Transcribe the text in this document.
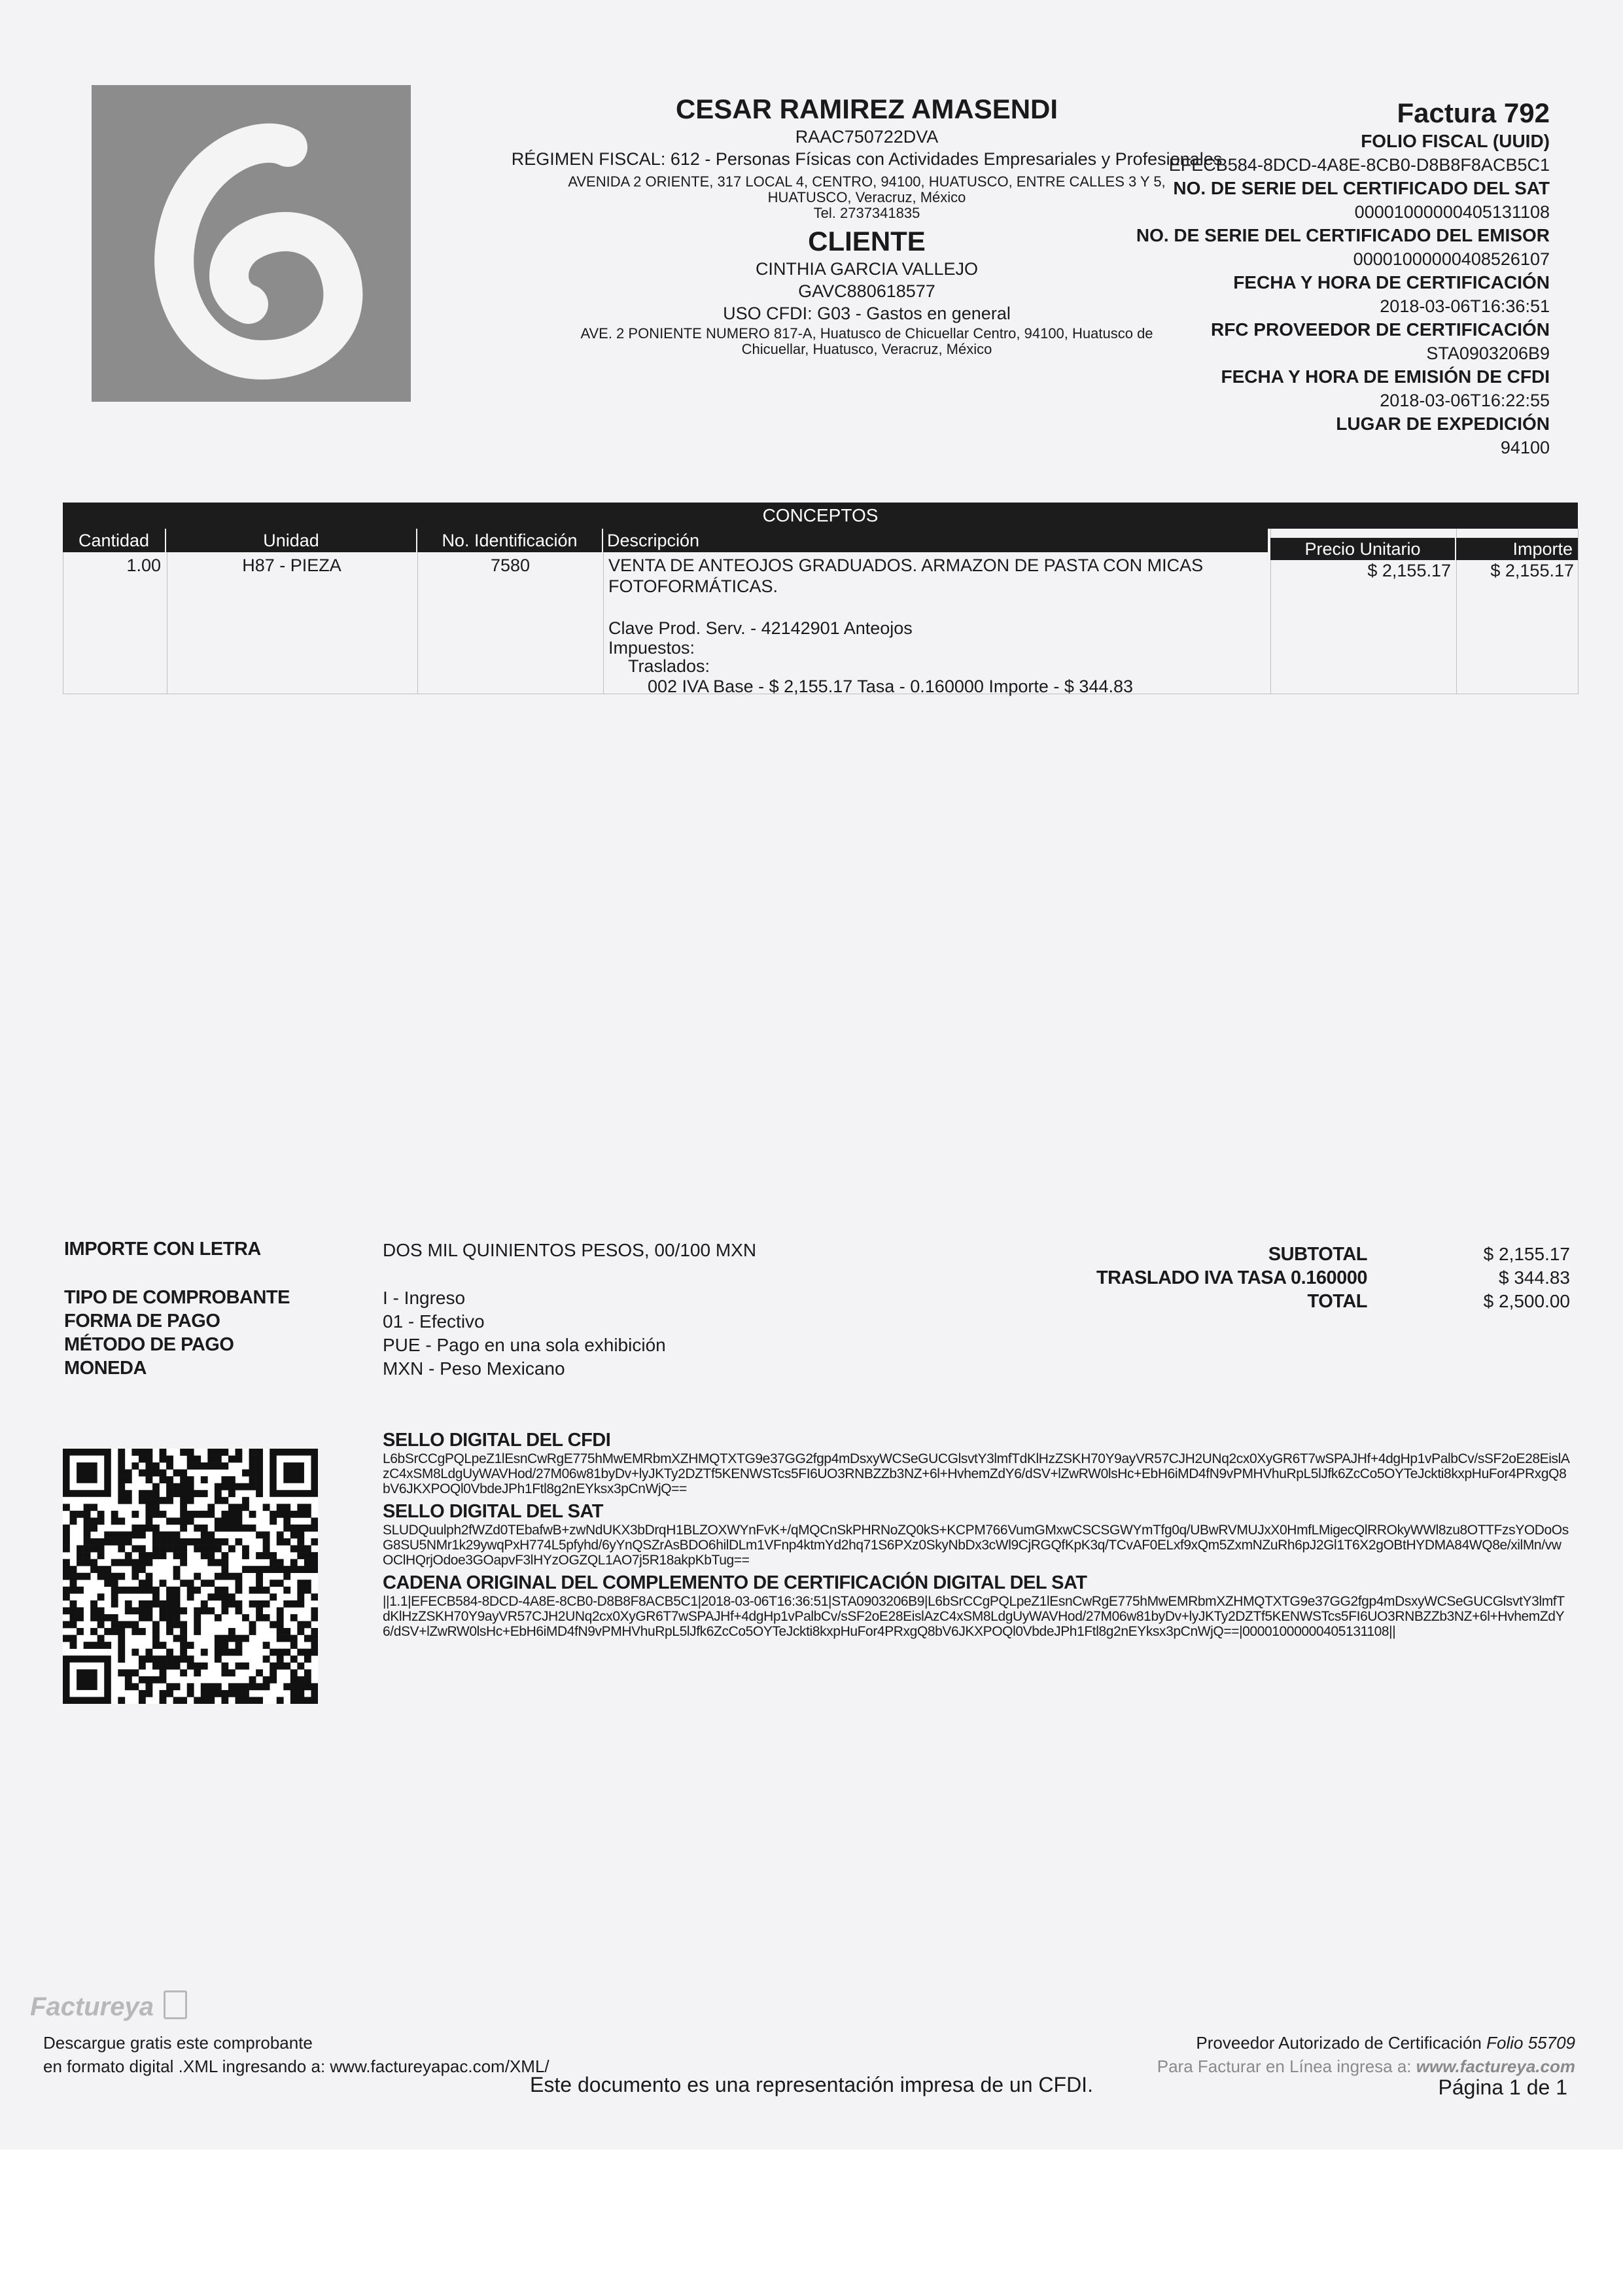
CESAR RAMIREZ AMASENDI
RAAC750722DVA
RÉGIMEN FISCAL: 612 - Personas Físicas con Actividades Empresariales y Profesionales
AVENIDA 2 ORIENTE, 317 LOCAL 4, CENTRO, 94100, HUATUSCO, ENTRE CALLES 3 Y 5, HUATUSCO, Veracruz, México
Tel. 2737341835
CLIENTE
CINTHIA GARCIA VALLEJO
GAVC880618577
USO CFDI: G03 - Gastos en general
AVE. 2 PONIENTE NUMERO 817-A, Huatusco de Chicuellar Centro, 94100, Huatusco de Chicuellar, Huatusco, Veracruz, México
Factura 792
FOLIO FISCAL (UUID)
EFECB584-8DCD-4A8E-8CB0-D8B8F8ACB5C1
NO. DE SERIE DEL CERTIFICADO DEL SAT
00001000000405131108
NO. DE SERIE DEL CERTIFICADO DEL EMISOR
00001000000408526107
FECHA Y HORA DE CERTIFICACIÓN
2018-03-06T16:36:51
RFC PROVEEDOR DE CERTIFICACIÓN
STA0903206B9
FECHA Y HORA DE EMISIÓN DE CFDI
2018-03-06T16:22:55
LUGAR DE EXPEDICIÓN
94100
CONCEPTOS
Cantidad	Unidad	No. Identificación	Descripción	Precio Unitario	Importe
1.00	H87 - PIEZA	7580	VENTA DE ANTEOJOS GRADUADOS. ARMAZON DE PASTA CON MICAS FOTOFORMÁTICAS.
Clave Prod. Serv. - 42142901 Anteojos
Impuestos:
Traslados:
002 IVA Base - $ 2,155.17 Tasa - 0.160000 Importe - $ 344.83
$ 2,155.17	$ 2,155.17
IMPORTE CON LETRA	DOS MIL QUINIENTOS PESOS, 00/100 MXN
TIPO DE COMPROBANTE	I - Ingreso
FORMA DE PAGO	01 - Efectivo
MÉTODO DE PAGO	PUE - Pago en una sola exhibición
MONEDA	MXN - Peso Mexicano
SUBTOTAL	$ 2,155.17
TRASLADO IVA TASA 0.160000	$ 344.83
TOTAL	$ 2,500.00
SELLO DIGITAL DEL CFDI
L6bSrCCgPQLpeZ1lEsnCwRgE775hMwEMRbmXZHMQTXTG9e37GG2fgp4mDsxyWCSeGUCGlsvtY3lmfTdKlHzZSKH70Y9ayVR57CJH2UNq2cx0XyGR6T7wSPAJHf+4dgHp1vPalbCv/sSF2oE28EislAzC4xSM8LdgUyWAVHod/27M06w81byDv+lyJKTy2DZTf5KENWSTcs5FI6UO3RNBZZb3NZ+6l+HvhemZdY6/dSV+lZwRW0lsHc+EbH6iMD4fN9vPMHVhuRpL5lJfk6ZcCo5OYTeJckti8kxpHuFor4PRxgQ8bV6JKXPOQl0VbdeJPh1Ftl8g2nEYksx3pCnWjQ==
SELLO DIGITAL DEL SAT
SLUDQuulph2fWZd0TEbafwB+zwNdUKX3bDrqH1BLZOXWYnFvK+/qMQCnSkPHRNoZQ0kS+KCPM766VumGMxwCSCSGWYmTfg0q/UBwRVMUJxX0HmfLMigecQlRROkyWWl8zu8OTTFzsYODoOsG8SU5NMr1k29ywqPxH774L5pfyhd/6yYnQSZrAsBDO6hilDLm1VFnp4ktmYd2hq71S6PXz0SkyNbDx3cWl9CjRGQfKpK3q/TCvAF0ELxf9xQm5ZxmNZuRh6pJ2Gl1T6X2gOBtHYDMA84WQ8e/xilMn/vwOClHQrjOdoe3GOapvF3lHYzOGZQL1AO7j5R18akpKbTug==
CADENA ORIGINAL DEL COMPLEMENTO DE CERTIFICACIÓN DIGITAL DEL SAT
||1.1|EFECB584-8DCD-4A8E-8CB0-D8B8F8ACB5C1|2018-03-06T16:36:51|STA0903206B9|L6bSrCCgPQLpeZ1lEsnCwRgE775hMwEMRbmXZHMQTXTG9e37GG2fgp4mDsxyWCSeGUCGlsvtY3lmfTdKlHzZSKH70Y9ayVR57CJH2UNq2cx0XyGR6T7wSPAJHf+4dgHp1vPalbCv/sSF2oE28EislAzC4xSM8LdgUyWAVHod/27M06w81byDv+lyJKTy2DZTf5KENWSTcs5FI6UO3RNBZZb3NZ+6l+HvhemZdY6/dSV+lZwRW0lsHc+EbH6iMD4fN9vPMHVhuRpL5lJfk6ZcCo5OYTeJckti8kxpHuFor4PRxgQ8bV6JKXPOQl0VbdeJPh1Ftl8g2nEYksx3pCnWjQ==|00001000000405131108||
Factureya
Descargue gratis este comprobante
en formato digital .XML ingresando a: www.factureyapac.com/XML/
Este documento es una representación impresa de un CFDI.
Proveedor Autorizado de Certificación Folio 55709
Para Facturar en Línea ingresa a: www.factureya.com
Página 1 de 1
